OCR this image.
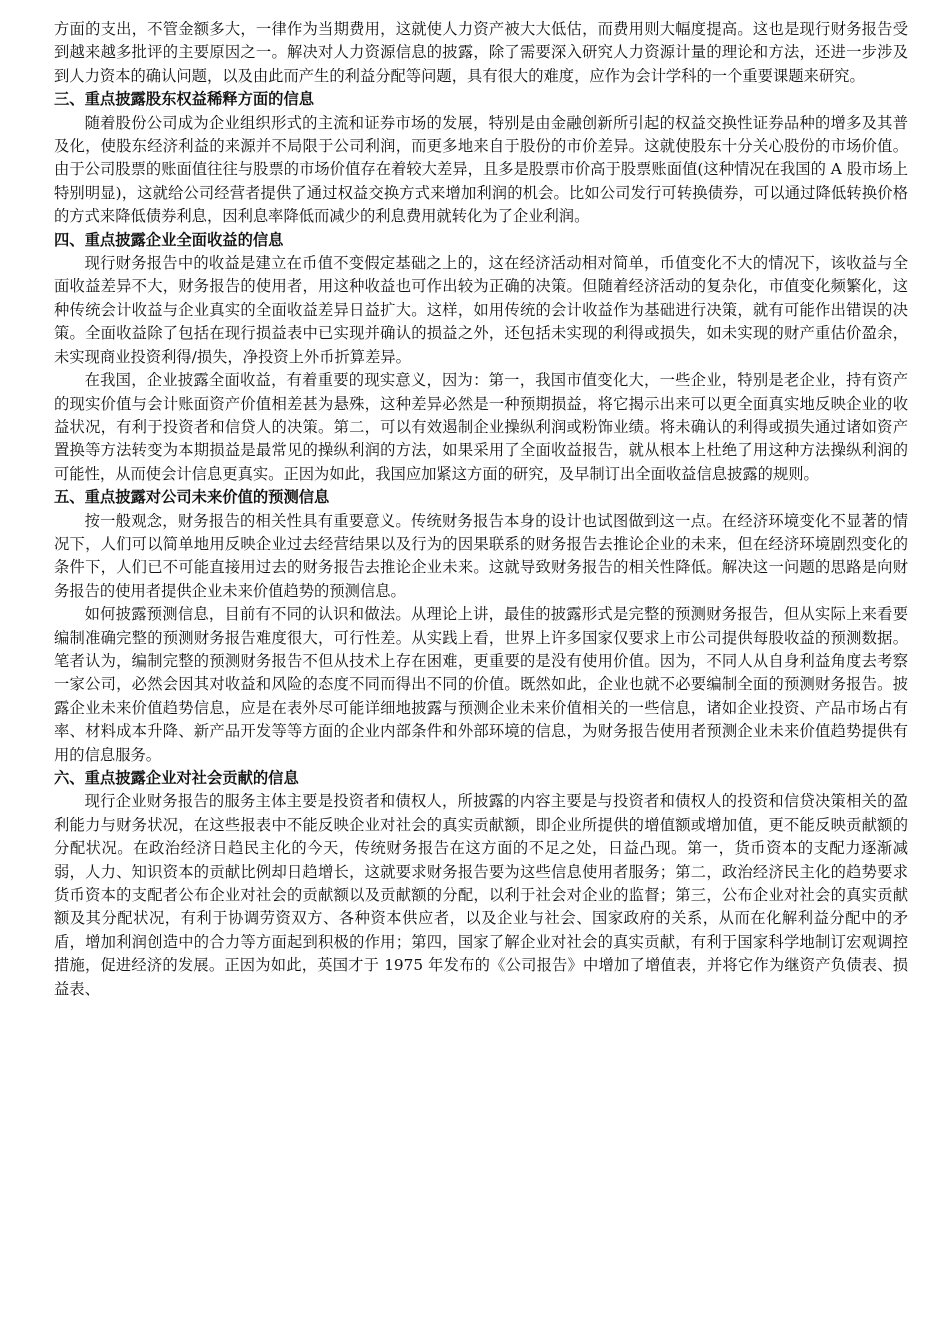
方面的支出，不管金额多大，一律作为当期费用，这就使人力资产被大大低估，而费用则大幅度提高。这也是现行财务报告受到越来越多批评的主要原因之一。解决对人力资源信息的披露，除了需要深入研究人力资源计量的理论和方法，还进一步涉及到人力资本的确认问题，以及由此而产生的利益分配等问题，具有很大的难度，应作为会计学科的一个重要课题来研究。

三、重点披露股东权益稀释方面的信息

随着股份公司成为企业组织形式的主流和证券市场的发展，特别是由金融创新所引起的权益交换性证券品种的增多及其普及化，使股东经济利益的来源并不局限于公司利润，而更多地来自于股份的市价差异。这就使股东十分关心股份的市场价值。由于公司股票的账面值往往与股票的市场价值存在着较大差异，且多是股票市价高于股票账面值(这种情况在我国的 A 股市场上特别明显)，这就给公司经营者提供了通过权益交换方式来增加利润的机会。比如公司发行可转换债券，可以通过降低转换价格的方式来降低债券利息，因利息率降低而减少的利息费用就转化为了企业利润。

四、重点披露企业全面收益的信息

现行财务报告中的收益是建立在币值不变假定基础之上的，这在经济活动相对简单，币值变化不大的情况下，该收益与全面收益差异不大，财务报告的使用者，用这种收益也可作出较为正确的决策。但随着经济活动的复杂化，市值变化频繁化，这种传统会计收益与企业真实的全面收益差异日益扩大。这样，如用传统的会计收益作为基础进行决策，就有可能作出错误的决策。全面收益除了包括在现行损益表中已实现并确认的损益之外，还包括未实现的利得或损失，如未实现的财产重估价盈余，未实现商业投资利得/损失，净投资上外币折算差异。

在我国，企业披露全面收益，有着重要的现实意义，因为：第一，我国市值变化大，一些企业，特别是老企业，持有资产的现实价值与会计账面资产价值相差甚为悬殊，这种差异必然是一种预期损益，将它揭示出来可以更全面真实地反映企业的收益状况，有利于投资者和信贷人的决策。第二，可以有效遏制企业操纵利润或粉饰业绩。将未确认的利得或损失通过诸如资产置换等方法转变为本期损益是最常见的操纵利润的方法，如果采用了全面收益报告，就从根本上杜绝了用这种方法操纵利润的可能性，从而使会计信息更真实。正因为如此，我国应加紧这方面的研究，及早制订出全面收益信息披露的规则。

五、重点披露对公司未来价值的预测信息

按一般观念，财务报告的相关性具有重要意义。传统财务报告本身的设计也试图做到这一点。在经济环境变化不显著的情况下，人们可以简单地用反映企业过去经营结果以及行为的因果联系的财务报告去推论企业的未来，但在经济环境剧烈变化的条件下，人们已不可能直接用过去的财务报告去推论企业未来。这就导致财务报告的相关性降低。解决这一问题的思路是向财务报告的使用者提供企业未来价值趋势的预测信息。

如何披露预测信息，目前有不同的认识和做法。从理论上讲，最佳的披露形式是完整的预测财务报告，但从实际上来看要编制准确完整的预测财务报告难度很大，可行性差。从实践上看，世界上许多国家仅要求上市公司提供每股收益的预测数据。笔者认为，编制完整的预测财务报告不但从技术上存在困难，更重要的是没有使用价值。因为，不同人从自身利益角度去考察一家公司，必然会因其对收益和风险的态度不同而得出不同的价值。既然如此，企业也就不必要编制全面的预测财务报告。披露企业未来价值趋势信息，应是在表外尽可能详细地披露与预测企业未来价值相关的一些信息，诸如企业投资、产品市场占有率、材料成本升降、新产品开发等等方面的企业内部条件和外部环境的信息，为财务报告使用者预测企业未来价值趋势提供有用的信息服务。

六、重点披露企业对社会贡献的信息

现行企业财务报告的服务主体主要是投资者和债权人，所披露的内容主要是与投资者和债权人的投资和信贷决策相关的盈利能力与财务状况，在这些报表中不能反映企业对社会的真实贡献额，即企业所提供的增值额或增加值，更不能反映贡献额的分配状况。在政治经济日趋民主化的今天，传统财务报告在这方面的不足之处，日益凸现。第一，货币资本的支配力逐渐减弱，人力、知识资本的贡献比例却日趋增长，这就要求财务报告要为这些信息使用者服务；第二，政治经济民主化的趋势要求货币资本的支配者公布企业对社会的贡献额以及贡献额的分配，以利于社会对企业的监督；第三，公布企业对社会的真实贡献额及其分配状况，有利于协调劳资双方、各种资本供应者，以及企业与社会、国家政府的关系，从而在化解利益分配中的矛盾，增加利润创造中的合力等方面起到积极的作用；第四，国家了解企业对社会的真实贡献，有利于国家科学地制订宏观调控措施，促进经济的发展。正因为如此，英国才于 1975 年发布的《公司报告》中增加了增值表，并将它作为继资产负债表、损益表、
